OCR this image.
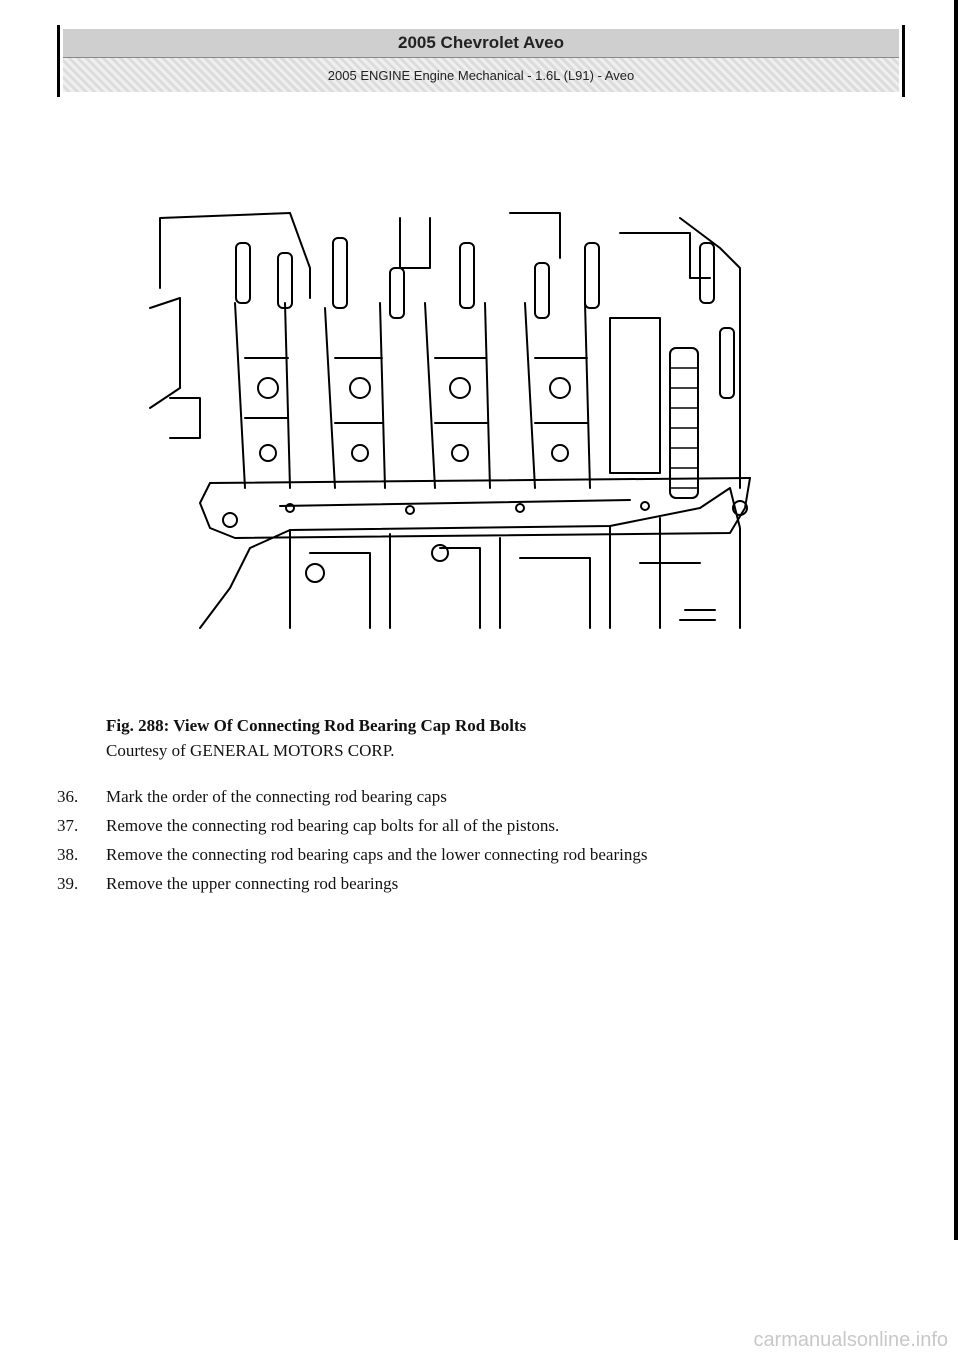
2005 Chevrolet Aveo
2005 ENGINE Engine Mechanical - 1.6L (L91) - Aveo
Fig. 288: View Of Connecting Rod Bearing Cap Rod Bolts
Courtesy of GENERAL MOTORS CORP.
36.	Mark the order of the connecting rod bearing caps
37.	Remove the connecting rod bearing cap bolts for all of the pistons.
38.	Remove the connecting rod bearing caps and the lower connecting rod bearings
39.	Remove the upper connecting rod bearings
carmanualsonline.info
